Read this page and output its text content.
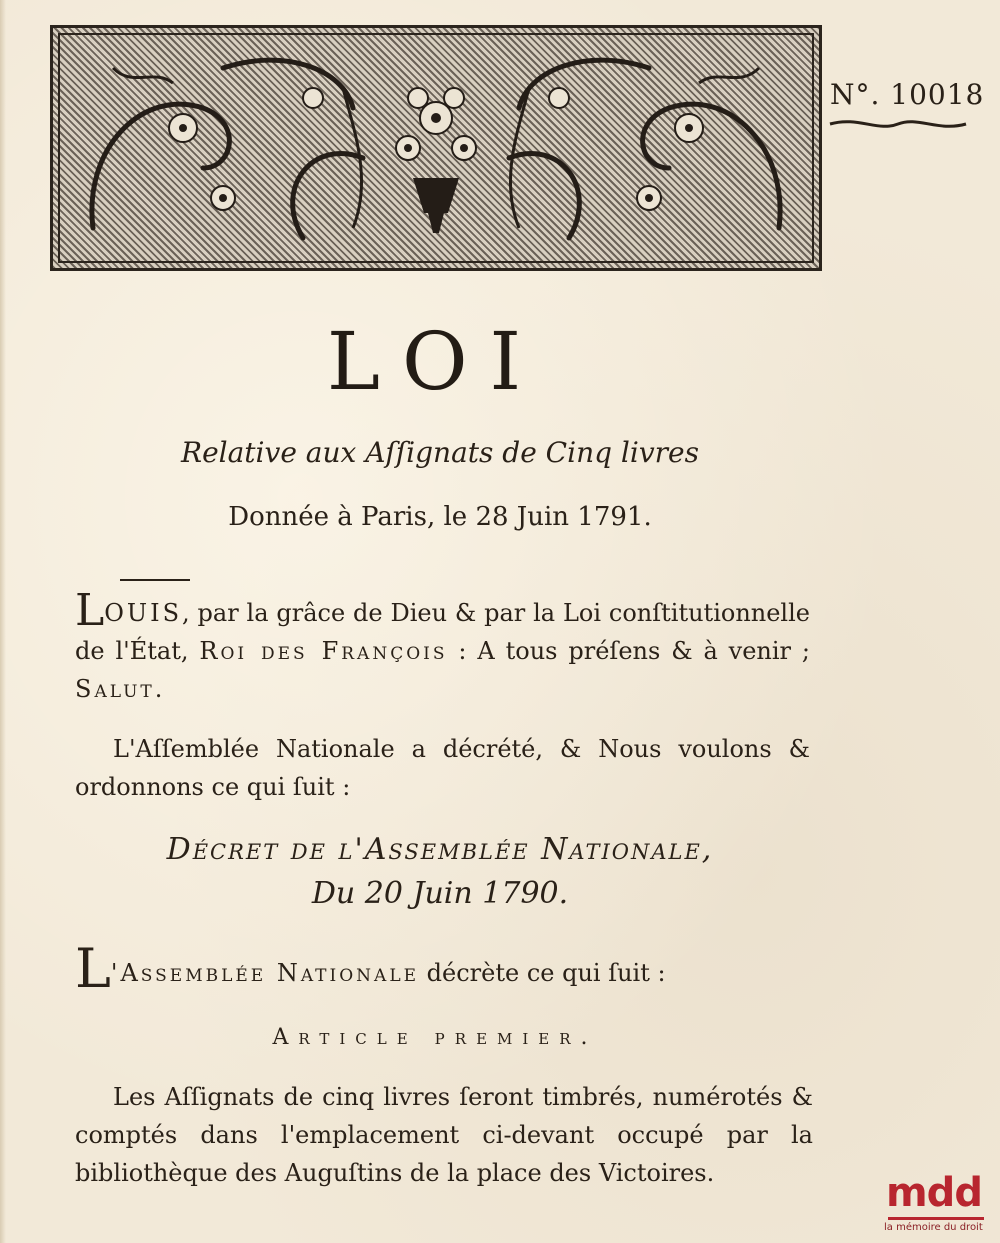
N°. 10018
LOI
Relative aux Aſſignats de Cinq livres
Donnée à Paris, le 28 Juin 1791.
LOUIS, par la grâce de Dieu & par la Loi conſtitutionnelle de l'État, Roi des François : A tous préſens & à venir ; Salut.
L'Aſſemblée Nationale a décrété, & Nous voulons & ordonnons ce qui ſuit :
Décret de l'Assemblée Nationale,
Du 20 Juin 1790.
L'Assemblée Nationale décrète ce qui ſuit :
Article premier.
Les Aſſignats de cinq livres ſeront timbrés, numérotés & comptés dans l'emplacement ci-devant occupé par la bibliothèque des Auguſtins de la place des Victoires.	mdd
la mémoire du droit
